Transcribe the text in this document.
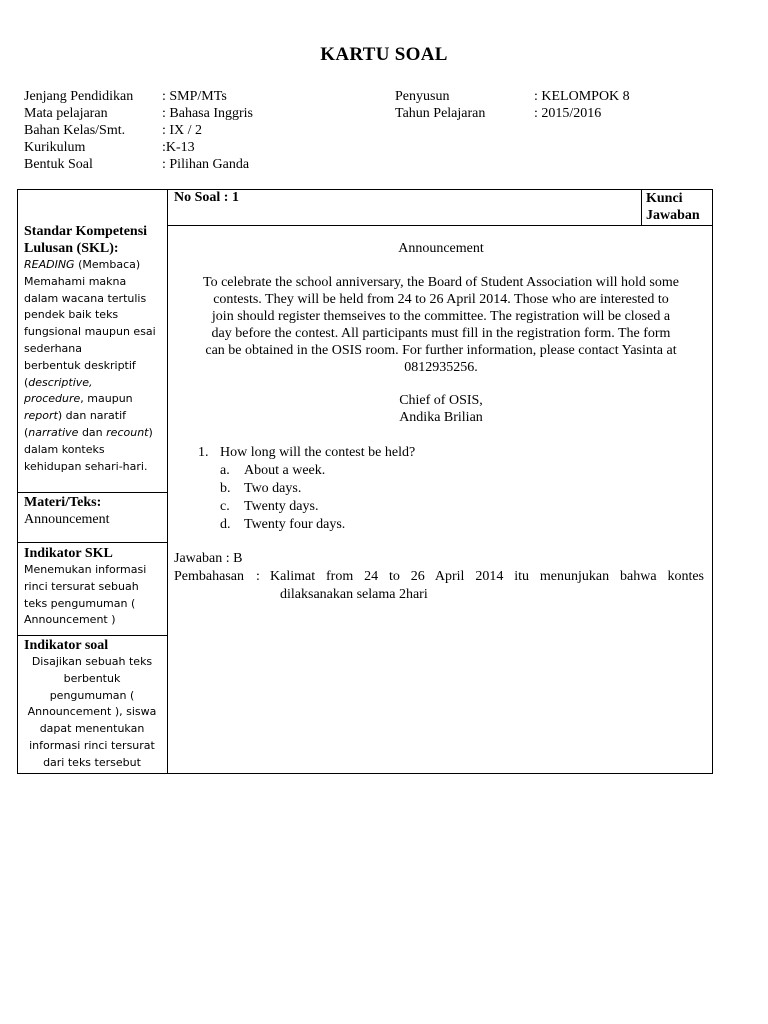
KARTU SOAL
Jenjang Pendidikan	: SMP/MTs
Mata pelajaran	: Bahasa Inggris
Bahan Kelas/Smt.	: IX / 2
Kurikulum	:K-13
Bentuk Soal	: Pilihan Ganda
Penyusun	: KELOMPOK 8
Tahun Pelajaran	: 2015/2016
No Soal : 1	Kunci
Jawaban
Standar Kompetensi
Lulusan (SKL):
READING (Membaca)
Memahami makna
dalam wacana tertulis
pendek baik teks
fungsional maupun esai
sederhana
berbentuk deskriptif
(descriptive,
procedure, maupun
report) dan naratif
(narrative dan recount)
dalam konteks
kehidupan sehari-hari.
Materi/Teks:
Announcement
Indikator SKL
Menemukan informasi
rinci tersurat sebuah
teks pengumuman (
Announcement )
Indikator soal
Disajikan sebuah teks
berbentuk
pengumuman (
Announcement ), siswa
dapat menentukan
informasi rinci tersurat
dari teks tersebut
Announcement
To celebrate the school anniversary, the Board of Student Association will hold some
contests. They will be held from 24 to 26 April 2014. Those who are interested to
join should register themseives to the committee. The registration will be closed a
day before the contest. All participants must fill in the registration form. The form
can be obtained in the OSIS room. For further information, please contact Yasinta at
0812935256.
Chief of OSIS,
Andika Brilian
1. How long will the contest be held?
a.	About a week.
b. Two days.
c.	Twenty days.
d. Twenty four days.
Jawaban : B
Pembahasan : Kalimat from 24 to 26 April 2014 itu menunjukan bahwa kontes
dilaksanakan selama 2hari
